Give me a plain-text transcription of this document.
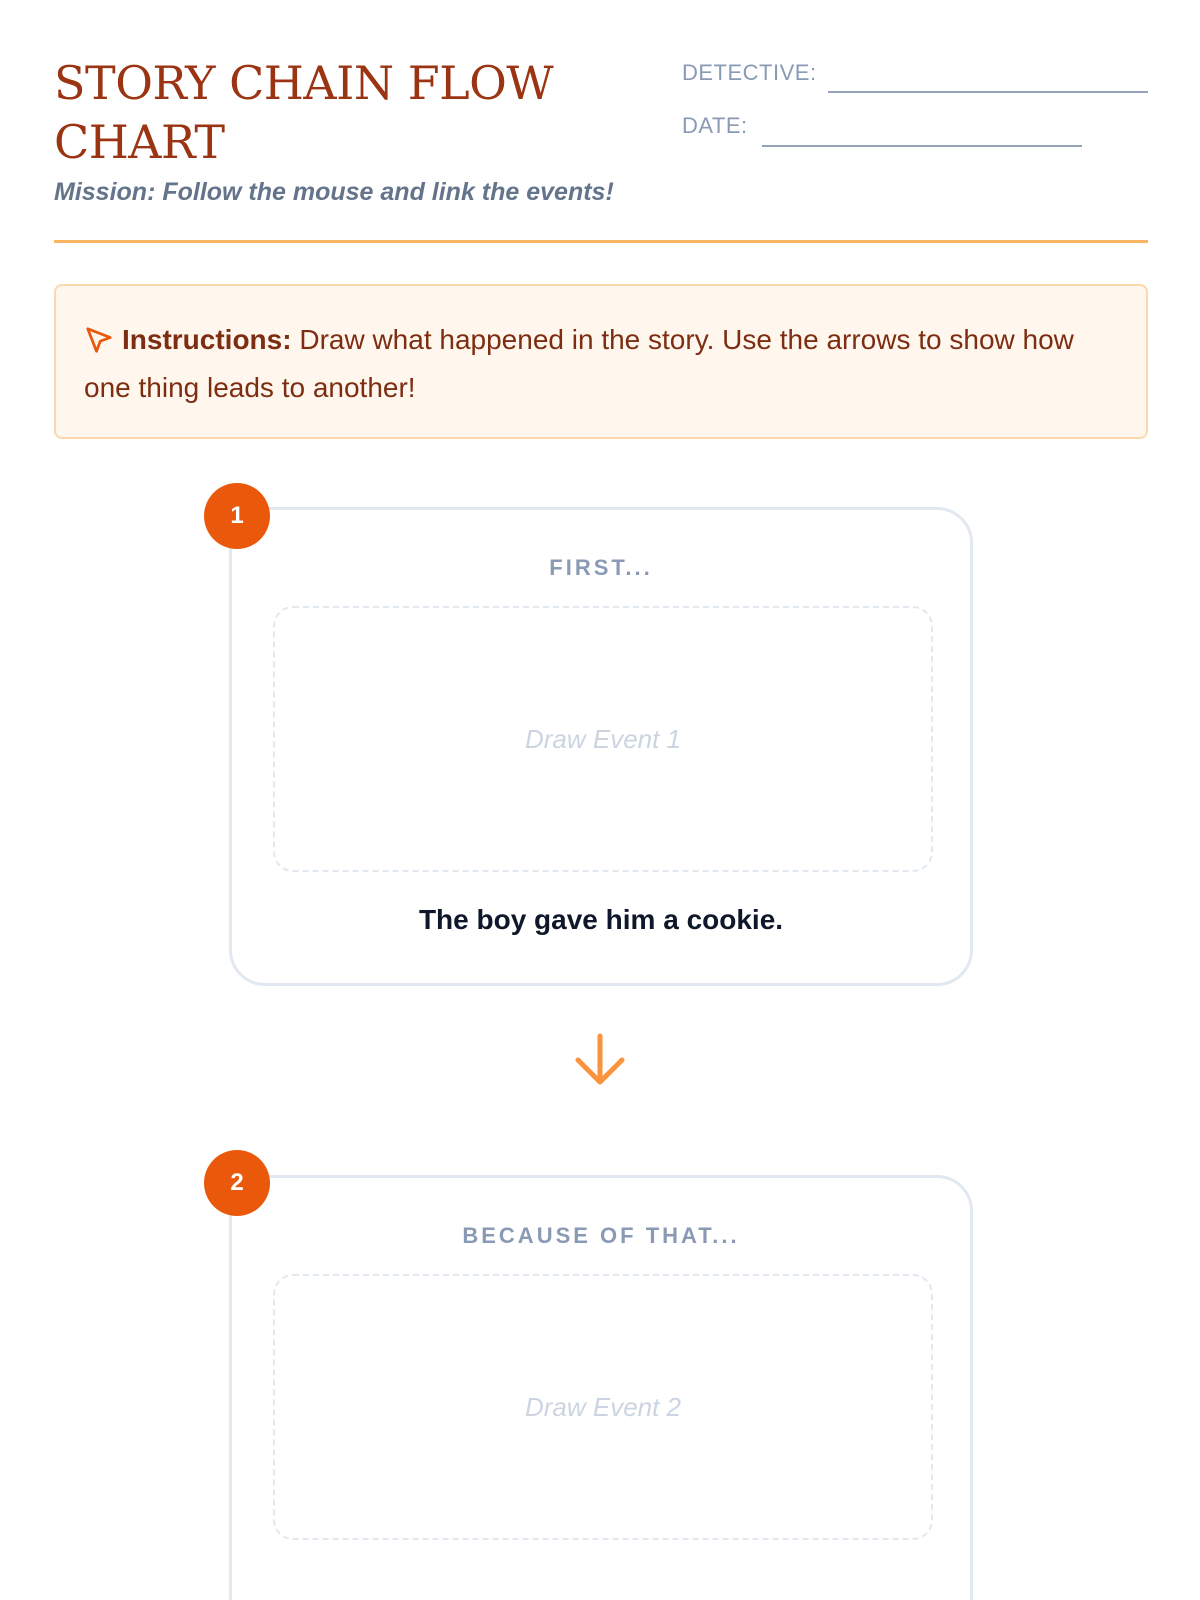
STORY CHAIN FLOW CHART
Mission: Follow the mouse and link the events!
DETECTIVE:
DATE:
Instructions: Draw what happened in the story. Use the arrows to show how one thing leads to another!
FIRST...
Draw Event 1
The boy gave him a cookie.
1
BECAUSE OF THAT...
Draw Event 2
2
